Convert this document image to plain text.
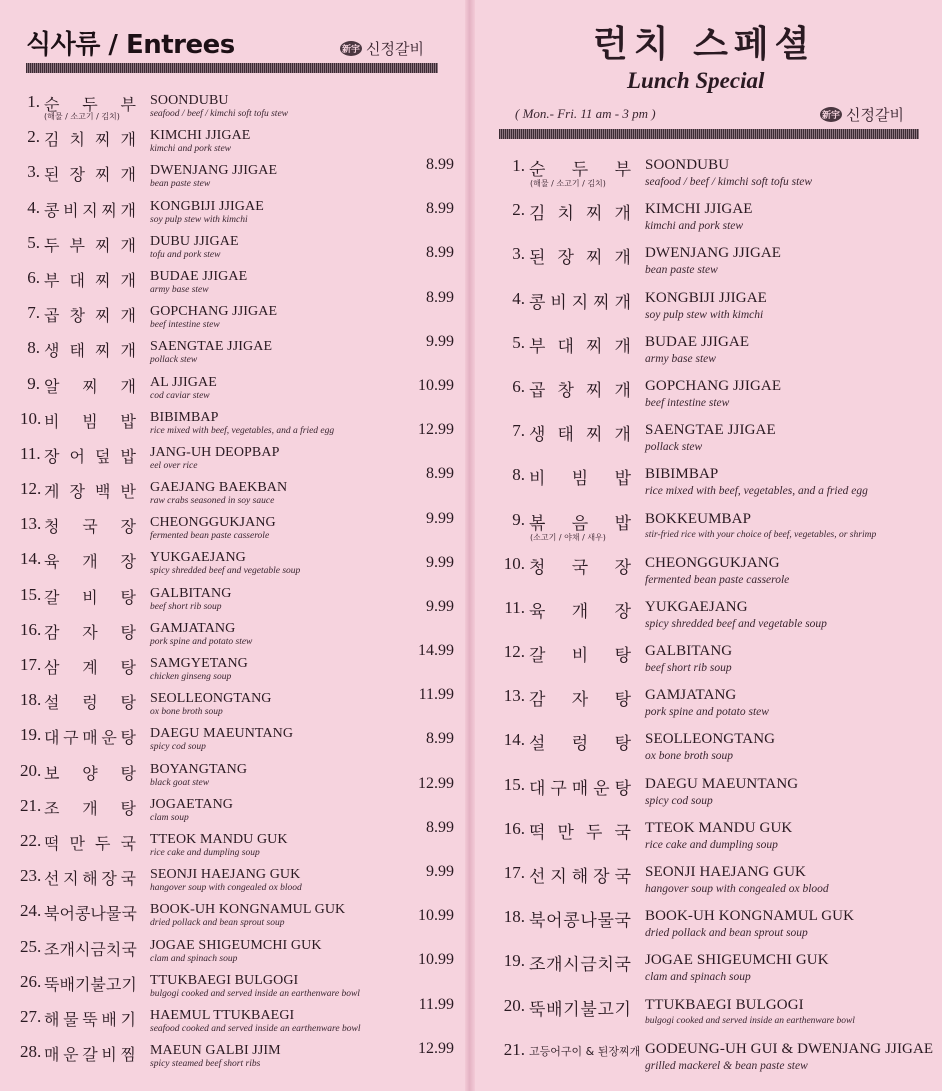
식사류 / Entrees	新宇 신정갈비
1. 순 두 부
(해물 / 소고기 / 김치)
SOONDUBU
seafood / beef / kimchi soft tofu stew
2. 김 치 찌 개 KIMCHI JJIGAE
kimchi and pork stew
3. 된 장 찌 개 DWENJANG JJIGAE
bean paste stew
4. 콩 비 지 찌 개 KONGBIJI JJIGAE
soy pulp stew with kimchi
5. 두 부 찌 개 DUBU JJIGAE
tofu and pork stew
6. 부 대 찌 개 BUDAE JJIGAE
army base stew
7. 곱 창 찌 개 GOPCHANG JJIGAE
beef intestine stew
8. 생 태 찌 개 SAENGTAE JJIGAE
pollack stew
9. 알 찌 개 AL JJIGAE
cod caviar stew
10. 비 빔 밥 BIBIMBAP
rice mixed with beef, vegetables, and a fried egg
11. 장 어 덮 밥 JANG-UH DEOPBAP
eel over rice
12. 게 장 백 반 GAEJANG BAEKBAN
raw crabs seasoned in soy sauce
13. 청 국 장 CHEONGGUKJANG
fermented bean paste casserole
14. 육 개 장 YUKGAEJANG
spicy shredded beef and vegetable soup
15. 갈 비 탕 GALBITANG
beef short rib soup
16. 감 자 탕 GAMJATANG
pork spine and potato stew
17. 삼 계 탕 SAMGYETANG
chicken ginseng soup
18. 설 렁 탕 SEOLLEONGTANG
ox bone broth soup
19. 대 구 매 운 탕 DAEGU MAEUNTANG
spicy cod soup
20. 보 양 탕 BOYANGTANG
black goat stew
21. 조 개 탕 JOGAETANG
clam soup
22. 떡 만 두 국 TTEOK MANDU GUK
rice cake and dumpling soup
23. 선 지 해 장 국 SEONJI HAEJANG GUK
hangover soup with congealed ox blood
24. 북 어 콩 나 물 국 BOOK-UH KONGNAMUL GUK
dried pollack and bean sprout soup
25. 조 개 시 금 치 국 JOGAE SHIGEUMCHI GUK
clam and spinach soup
26. 뚝 배 기 불 고 기 TTUKBAEGI BULGOGI
bulgogi cooked and served inside an earthenware bowl
27. 해 물 뚝 배 기 HAEMUL TTUKBAEGI
seafood cooked and served inside an earthenware bowl
28. 매 운 갈 비 찜 MAEUN GALBI JJIM
spicy steamed beef short ribs
런치 스페셜
Lunch Special
( Mon.- Fri. 11 am - 3 pm )	新宇 신정갈비
1. 순 두 부
(해물 / 소고기 / 김치)
SOONDUBU
seafood / beef / kimchi soft tofu stew
8.99
2. 김 치 찌 개 KIMCHI JJIGAE
kimchi and pork stew
8.99
3. 된 장 찌 개 DWENJANG JJIGAE
bean paste stew
8.99
4. 콩 비 지 찌 개 KONGBIJI JJIGAE
soy pulp stew with kimchi
8.99
5. 부 대 찌 개 BUDAE JJIGAE
army base stew
9.99
6. 곱 창 찌 개 GOPCHANG JJIGAE
beef intestine stew
10.99
7. 생 태 찌 개 SAENGTAE JJIGAE
pollack stew
12.99
8. 비 빔 밥 BIBIMBAP
rice mixed with beef, vegetables, and a fried egg
8.99
9. 볶 음 밥
(소고기 / 야채 / 새우)
BOKKEUMBAP
stir-fried rice with your choice of beef, vegetables, or shrimp
9.99
10. 청 국 장 CHEONGGUKJANG
fermented bean paste casserole
9.99
11. 육 개 장 YUKGAEJANG
spicy shredded beef and vegetable soup
9.99
12. 갈 비 탕 GALBITANG
beef short rib soup
14.99
13. 감 자 탕 GAMJATANG
pork spine and potato stew
11.99
14. 설 렁 탕 SEOLLEONGTANG
ox bone broth soup
8.99
15. 대 구 매 운 탕 DAEGU MAEUNTANG
spicy cod soup
12.99
16. 떡 만 두 국 TTEOK MANDU GUK
rice cake and dumpling soup
8.99
17. 선 지 해 장 국 SEONJI HAEJANG GUK
hangover soup with congealed ox blood
9.99
18. 북 어 콩 나 물 국 BOOK-UH KONGNAMUL GUK
dried pollack and bean sprout soup
10.99
19. 조 개 시 금 치 국 JOGAE SHIGEUMCHI GUK
clam and spinach soup
10.99
20. 뚝 배 기 불 고 기 TTUKBAEGI BULGOGI
bulgogi cooked and served inside an earthenware bowl
11.99
21. 고등어구이 & 된장찌개 GODEUNG-UH GUI & DWENJANG JJIGAE
grilled mackerel & bean paste stew
12.99
